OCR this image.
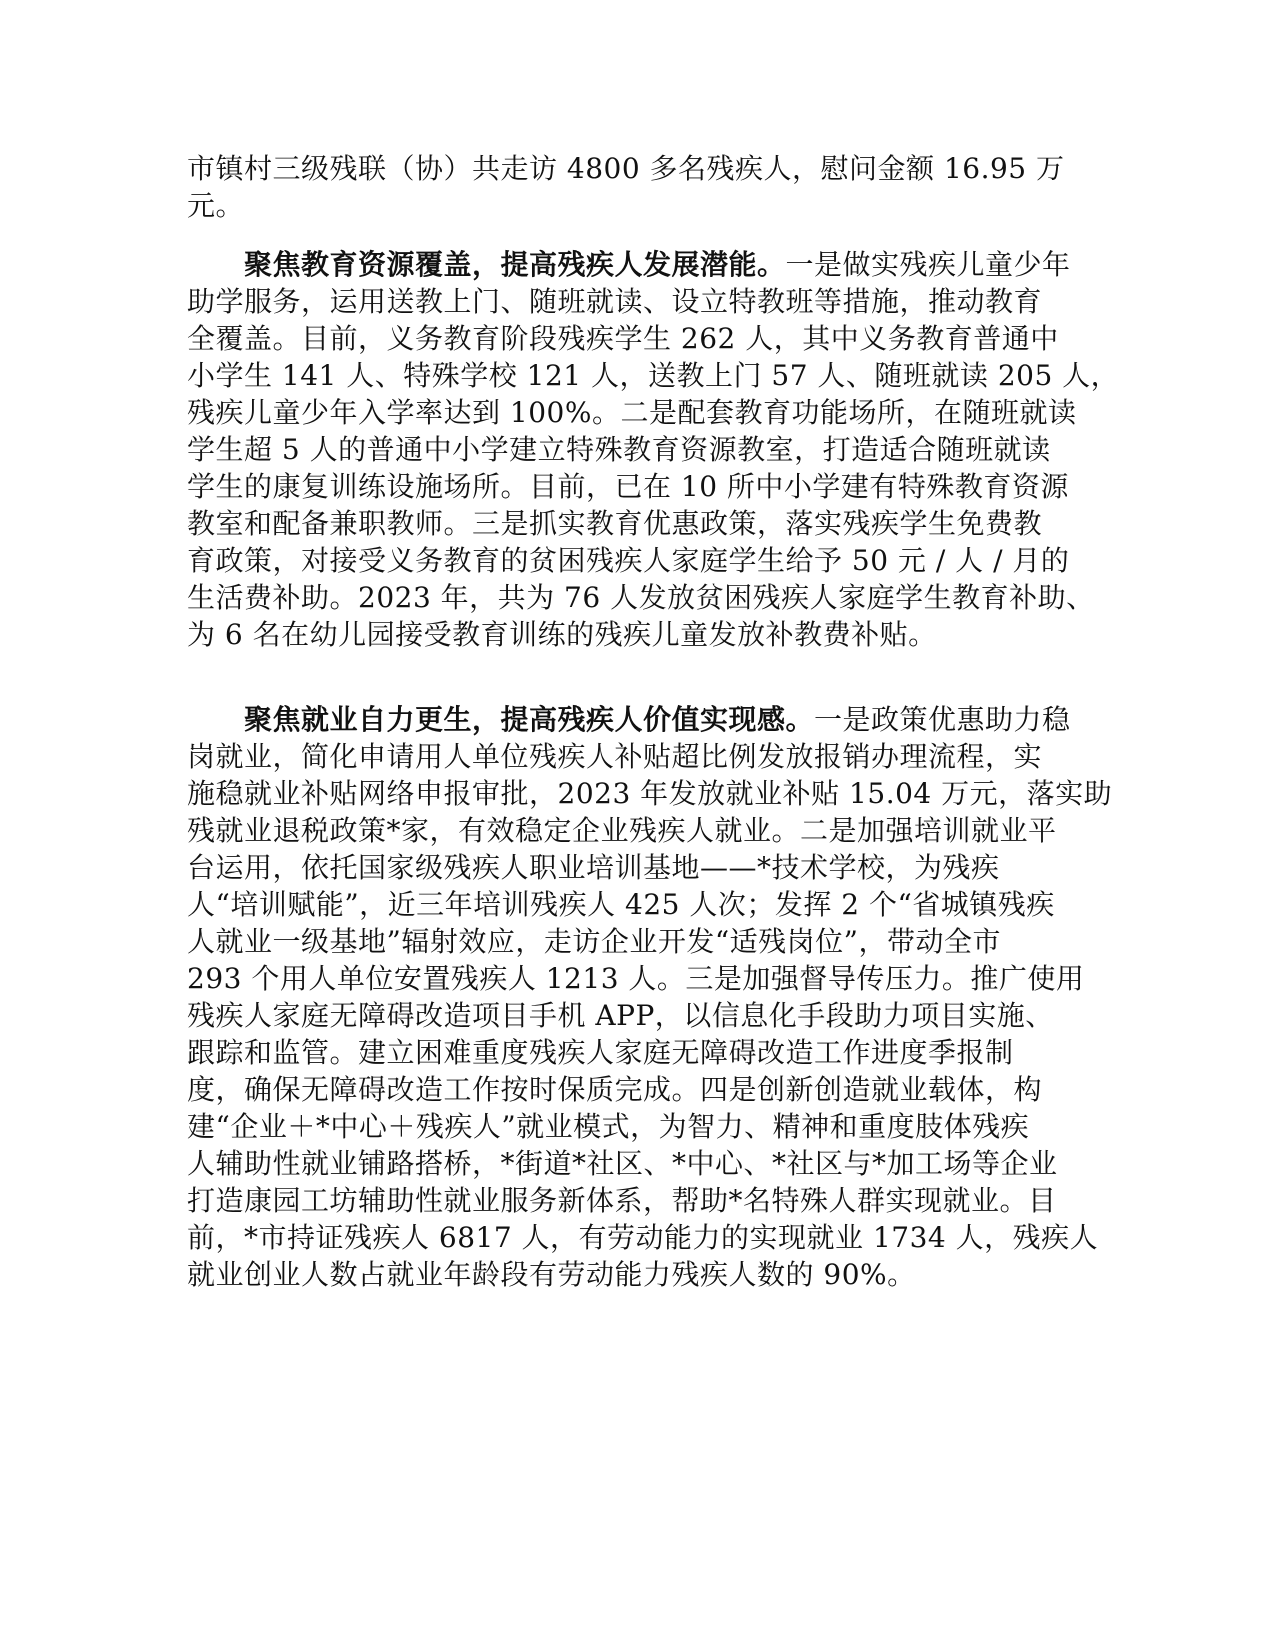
市镇村三级残联（协）共走访 4800 多名残疾人，慰问金额 16.95 万
元。
　　聚焦教育资源覆盖，提高残疾人发展潜能。一是做实残疾儿童少年
助学服务，运用送教上门、随班就读、设立特教班等措施，推动教育
全覆盖。目前，义务教育阶段残疾学生 262 人，其中义务教育普通中
小学生 141 人、特殊学校 121 人，送教上门 57 人、随班就读 205 人，
残疾儿童少年入学率达到 100%。二是配套教育功能场所，在随班就读
学生超 5 人的普通中小学建立特殊教育资源教室，打造适合随班就读
学生的康复训练设施场所。目前，已在 10 所中小学建有特殊教育资源
教室和配备兼职教师。三是抓实教育优惠政策，落实残疾学生免费教
育政策，对接受义务教育的贫困残疾人家庭学生给予 50 元 / 人 / 月的
生活费补助。2023 年，共为 76 人发放贫困残疾人家庭学生教育补助、
为 6 名在幼儿园接受教育训练的残疾儿童发放补教费补贴。
　　聚焦就业自力更生，提高残疾人价值实现感。一是政策优惠助力稳
岗就业，简化申请用人单位残疾人补贴超比例发放报销办理流程，实
施稳就业补贴网络申报审批，2023 年发放就业补贴 15.04 万元，落实助
残就业退税政策*家，有效稳定企业残疾人就业。二是加强培训就业平
台运用，依托国家级残疾人职业培训基地——*技术学校，为残疾
人“培训赋能”，近三年培训残疾人 425 人次；发挥 2 个“省城镇残疾
人就业一级基地”辐射效应，走访企业开发“适残岗位”，带动全市
293 个用人单位安置残疾人 1213 人。三是加强督导传压力。推广使用
残疾人家庭无障碍改造项目手机 APP，以信息化手段助力项目实施、
跟踪和监管。建立困难重度残疾人家庭无障碍改造工作进度季报制
度，确保无障碍改造工作按时保质完成。四是创新创造就业载体，构
建“企业＋*中心＋残疾人”就业模式，为智力、精神和重度肢体残疾
人辅助性就业铺路搭桥，*街道*社区、*中心、*社区与*加工场等企业
打造康园工坊辅助性就业服务新体系，帮助*名特殊人群实现就业。目
前，*市持证残疾人 6817 人，有劳动能力的实现就业 1734 人，残疾人
就业创业人数占就业年龄段有劳动能力残疾人数的 90%。
